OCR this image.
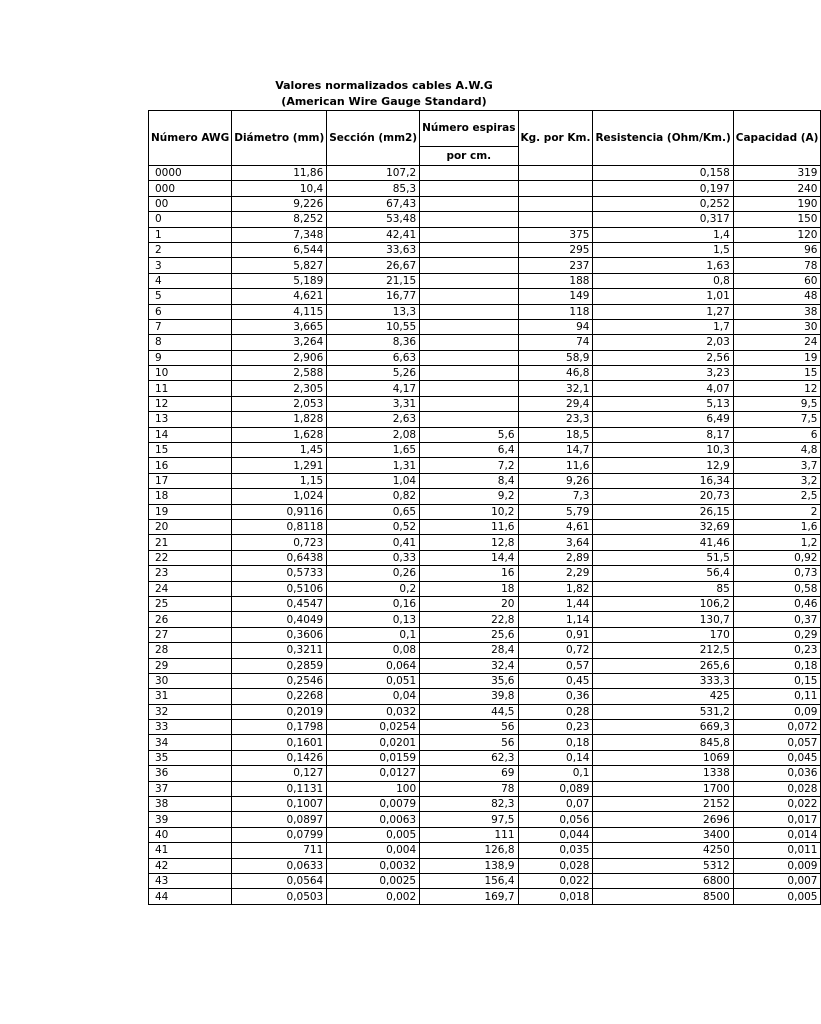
Valores normalizados cables A.W.G
(American Wire Gauge Standard)
Número AWG	Diámetro (mm)	Sección (mm2)	Número espiras	Kg. por Km.	Resistencia (Ohm/Km.)	Capacidad (A)
			por cm.			
0000	11,86	107,2			0,158	319
000	10,4	85,3			0,197	240
00	9,226	67,43			0,252	190
0	8,252	53,48			0,317	150
1	7,348	42,41		375	1,4	120
2	6,544	33,63		295	1,5	96
3	5,827	26,67		237	1,63	78
4	5,189	21,15		188	0,8	60
5	4,621	16,77		149	1,01	48
6	4,115	13,3		118	1,27	38
7	3,665	10,55		94	1,7	30
8	3,264	8,36		74	2,03	24
9	2,906	6,63		58,9	2,56	19
10	2,588	5,26		46,8	3,23	15
11	2,305	4,17		32,1	4,07	12
12	2,053	3,31		29,4	5,13	9,5
13	1,828	2,63		23,3	6,49	7,5
14	1,628	2,08	5,6	18,5	8,17	6
15	1,45	1,65	6,4	14,7	10,3	4,8
16	1,291	1,31	7,2	11,6	12,9	3,7
17	1,15	1,04	8,4	9,26	16,34	3,2
18	1,024	0,82	9,2	7,3	20,73	2,5
19	0,9116	0,65	10,2	5,79	26,15	2
20	0,8118	0,52	11,6	4,61	32,69	1,6
21	0,723	0,41	12,8	3,64	41,46	1,2
22	0,6438	0,33	14,4	2,89	51,5	0,92
23	0,5733	0,26	16	2,29	56,4	0,73
24	0,5106	0,2	18	1,82	85	0,58
25	0,4547	0,16	20	1,44	106,2	0,46
26	0,4049	0,13	22,8	1,14	130,7	0,37
27	0,3606	0,1	25,6	0,91	170	0,29
28	0,3211	0,08	28,4	0,72	212,5	0,23
29	0,2859	0,064	32,4	0,57	265,6	0,18
30	0,2546	0,051	35,6	0,45	333,3	0,15
31	0,2268	0,04	39,8	0,36	425	0,11
32	0,2019	0,032	44,5	0,28	531,2	0,09
33	0,1798	0,0254	56	0,23	669,3	0,072
34	0,1601	0,0201	56	0,18	845,8	0,057
35	0,1426	0,0159	62,3	0,14	1069	0,045
36	0,127	0,0127	69	0,1	1338	0,036
37	0,1131	100	78	0,089	1700	0,028
38	0,1007	0,0079	82,3	0,07	2152	0,022
39	0,0897	0,0063	97,5	0,056	2696	0,017
40	0,0799	0,005	111	0,044	3400	0,014
41	711	0,004	126,8	0,035	4250	0,011
42	0,0633	0,0032	138,9	0,028	5312	0,009
43	0,0564	0,0025	156,4	0,022	6800	0,007
44	0,0503	0,002	169,7	0,018	8500	0,005
